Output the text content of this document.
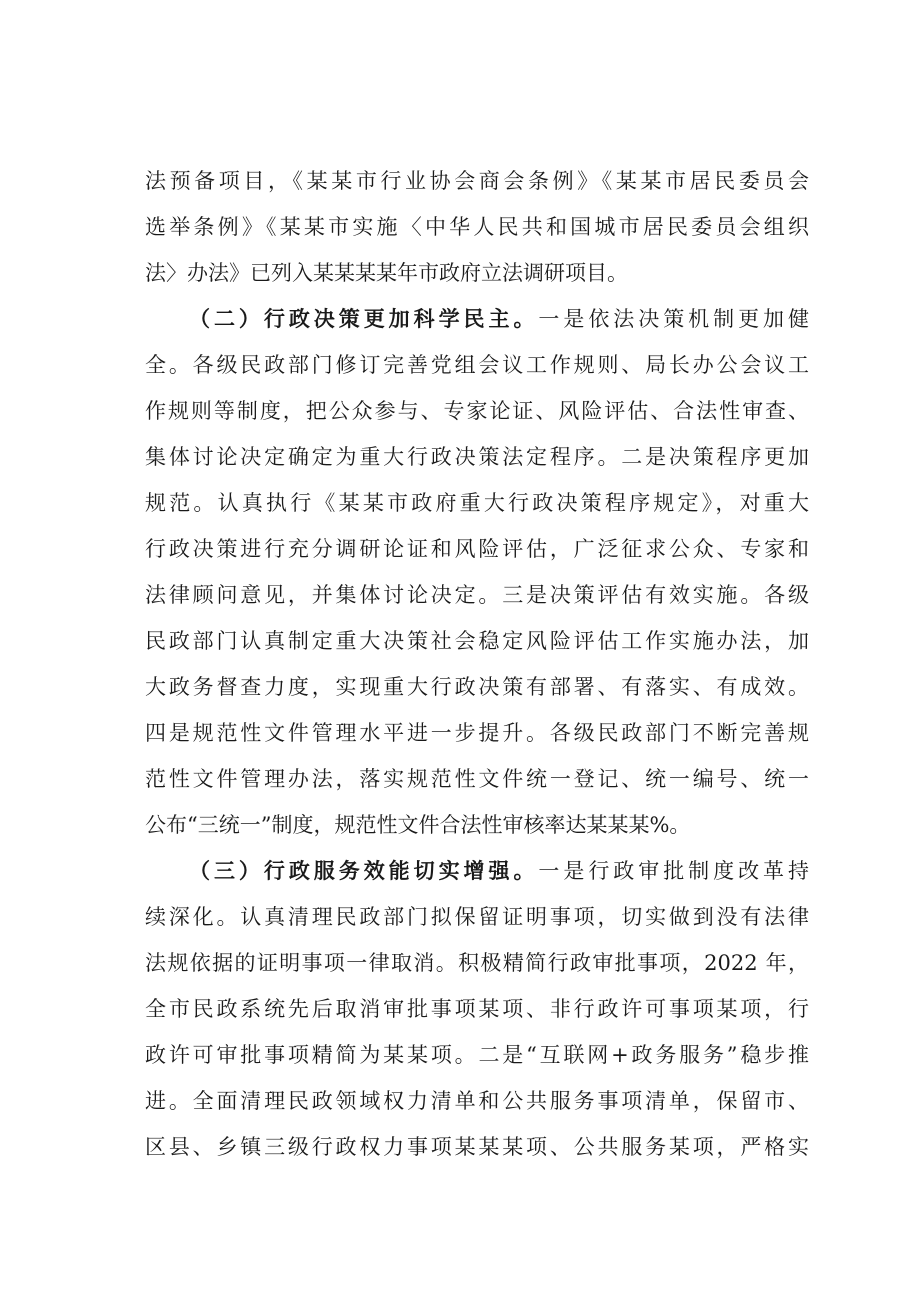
法预备项目，《某某市行业协会商会条例》《某某市居民委员会
选举条例》《某某市实施〈中华人民共和国城市居民委员会组织
法〉办法》已列入某某某某年市政府立法调研项目。
（二）行政决策更加科学民主。一是依法决策机制更加健
全。各级民政部门修订完善党组会议工作规则、局长办公会议工
作规则等制度，把公众参与、专家论证、风险评估、合法性审查、
集体讨论决定确定为重大行政决策法定程序。二是决策程序更加
规范。认真执行《某某市政府重大行政决策程序规定》，对重大
行政决策进行充分调研论证和风险评估，广泛征求公众、专家和
法律顾问意见，并集体讨论决定。三是决策评估有效实施。各级
民政部门认真制定重大决策社会稳定风险评估工作实施办法，加
大政务督查力度，实现重大行政决策有部署、有落实、有成效。
四是规范性文件管理水平进一步提升。各级民政部门不断完善规
范性文件管理办法，落实规范性文件统一登记、统一编号、统一
公布“三统一”制度，规范性文件合法性审核率达某某某%。
（三）行政服务效能切实增强。一是行政审批制度改革持
续深化。认真清理民政部门拟保留证明事项，切实做到没有法律
法规依据的证明事项一律取消。积极精简行政审批事项，2022 年，
全市民政系统先后取消审批事项某项、非行政许可事项某项，行
政许可审批事项精简为某某项。二是“互联网+政务服务”稳步推
进。全面清理民政领域权力清单和公共服务事项清单，保留市、
区县、乡镇三级行政权力事项某某某项、公共服务某项，严格实
